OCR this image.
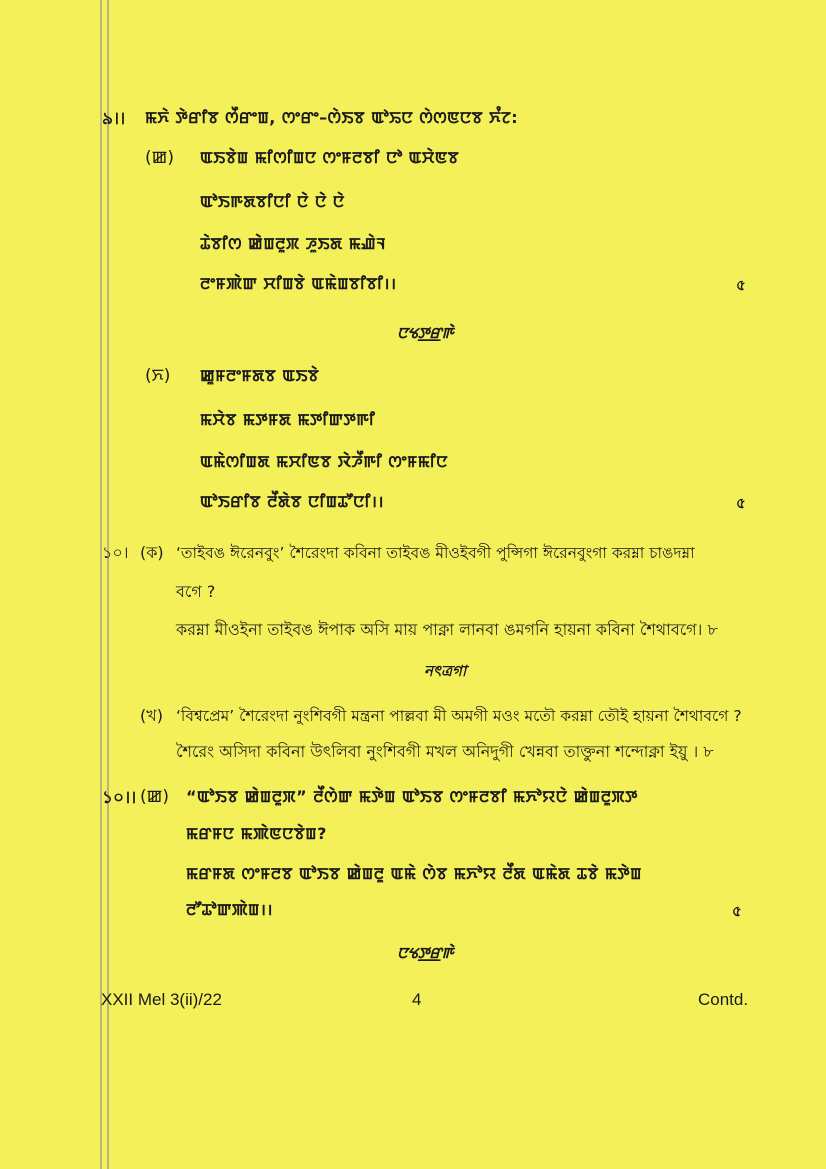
৯।। ꯃꯈꯥ ꯇꯥꯔꯤꯕ ꯁꯩꯔꯦꯡ, ꯁꯦꯔꯦ–ꯁꯥꯏꯕ ꯑꯣꯢꯅ ꯁꯥꯁꯟꯅꯕ ꯈꯪꯖ:
(ꯀ) ꯑꯏꯕꯥꯡ ꯃꯤꯁꯤꯡꯅ ꯁꯦꯝꯂꯕꯤ ꯅꯣ ꯑꯆꯥꯟꯕ
ꯑꯣꯏꯒꯗꯕꯤꯅꯤ ꯅꯥ ꯅꯥ ꯅꯥ
ꯊꯥꯕꯤꯁ ꯀꯥꯡꯂꯨꯞ ꯍꯨꯏꯗ ꯃꯉꯥꯜ
ꯂꯦꯝꯄꯥꯛ ꯆꯤꯡꯕꯥ ꯑꯃꯥꯡꯕꯤꯕꯤ।।	৫
ꯅꯠꯇ꯭ꯔꯒꯥ
(ꯈ) ꯀꯨꯝꯂꯦꯝꯗꯕ ꯑꯏꯕꯥ
ꯃꯆꯥꯕ ꯃꯇꯝꯗ ꯃꯇꯤꯛꯇꯒꯤ
ꯑꯃꯥꯁꯤꯡꯗ ꯃꯆꯤꯟꯕ ꯋꯥꯍꯩꯒꯤ ꯁꯦꯝꯃꯤꯅ
ꯑꯣꯏꯔꯤꯕ ꯂꯩꯗꯥꯕ ꯅꯤꯡꯊꯧꯅꯤ।।	৫
১০। (ক) ‘তাইবঙ ঈরেনবুং’ শৈরেংদা কবিনা তাইবঙ মীওইবগী পুন্সিগা ঈরেনবুংগা করম্না চাঙদম্না
বগে ?
করম্না মীওইনা তাইবঙ ঈপাক অসি মায় পাক্না লানবা ঙমগনি হায়না কবিনা শৈথাবগে। ৮
নৎত্রগা
(খ) ‘বিশ্বপ্রেম’ শৈরেংদা নুংশিবগী মন্ত্রনা পাল্লবা মী অমগী মওং মতৌ করম্না তৌই হায়না শৈথাবগে ?
শৈরেং অসিদা কবিনা উৎলিবা নুংশিবগী মখল অনিদুগী খেন্নবা তাক্তুনা শন্দোক্না ইয়ু । ৮
১০।। (ꯀ) “ꯑꯣꯏꯕ ꯀꯥꯡꯂꯨꯞ” ꯂꯩꯁꯥꯛ ꯃꯇꯥꯡ ꯑꯣꯏꯕ ꯁꯦꯝꯂꯕꯤ ꯃꯈꯣꯌꯅꯥ ꯀꯥꯡꯂꯨꯞꯇ
ꯃꯔꯝꯅ ꯃꯄꯥꯟꯅꯕꯥꯡ?
ꯃꯔꯝꯗ ꯁꯦꯝꯂꯕ ꯑꯣꯏꯕ ꯀꯥꯡꯂꯨ ꯑꯃꯥ ꯁꯥꯕ ꯃꯈꯣꯌ ꯂꯩꯗ ꯑꯃꯥꯗ ꯊꯕꯥ ꯃꯇꯥꯡ
ꯂꯧꯊꯣꯛꯄꯥꯡ।।	৫
ꯅꯠꯇ꯭ꯔꯒꯥ
XXII Mel 3(ii)/22	4	Contd.
